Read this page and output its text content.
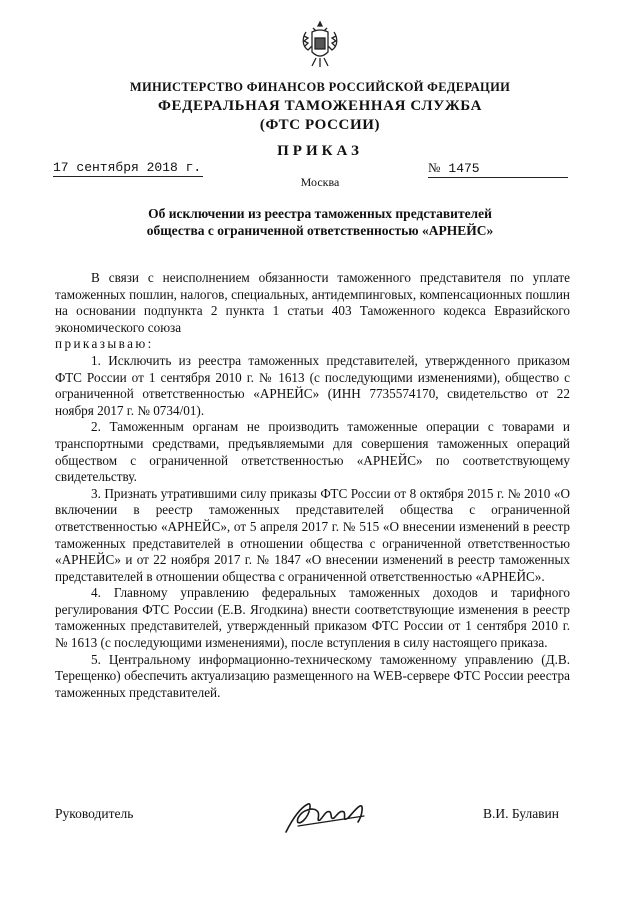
МИНИСТЕРСТВО ФИНАНСОВ РОССИЙСКОЙ ФЕДЕРАЦИИ
ФЕДЕРАЛЬНАЯ ТАМОЖЕННАЯ СЛУЖБА
(ФТС РОССИИ)
ПРИКАЗ
17 сентября 2018 г.	№ 1475
Москва
Об исключении из реестра таможенных представителей
общества с ограниченной ответственностью «АРНЕЙС»

В связи с неисполнением обязанности таможенного представителя по уплате таможенных пошлин, налогов, специальных, антидемпинговых, компенсационных пошлин на основании подпункта 2 пункта 1 статьи 403 Таможенного кодекса Евразийского экономического союза

приказываю:

1. Исключить из реестра таможенных представителей, утвержденного приказом ФТС России от 1 сентября 2010 г. № 1613 (с последующими изменениями), общество с ограниченной ответственностью «АРНЕЙС» (ИНН 7735574170, свидетельство от 22 ноября 2017 г. № 0734/01).

2. Таможенным органам не производить таможенные операции с товарами и транспортными средствами, предъявляемыми для совершения таможенных операций обществом с ограниченной ответственностью «АРНЕЙС» по соответствующему свидетельству.

3. Признать утратившими силу приказы ФТС России от 8 октября 2015 г. № 2010 «О включении в реестр таможенных представителей общества с ограниченной ответственностью «АРНЕЙС», от 5 апреля 2017 г. № 515 «О внесении изменений в реестр таможенных представителей в отношении общества с ограниченной ответственностью «АРНЕЙС» и от 22 ноября 2017 г. № 1847 «О внесении изменений в реестр таможенных представителей в отношении общества с ограниченной ответственностью «АРНЕЙС».

4. Главному управлению федеральных таможенных доходов и тарифного регулирования ФТС России (Е.В. Ягодкина) внести соответствующие изменения в реестр таможенных представителей, утвержденный приказом ФТС России от 1 сентября 2010 г. № 1613 (с последующими изменениями), после вступления в силу настоящего приказа.

5. Центральному информационно-техническому таможенному управлению (Д.В. Терещенко) обеспечить актуализацию размещенного на WEB-сервере ФТС России реестра таможенных представителей.

Руководитель	В.И. Булавин
